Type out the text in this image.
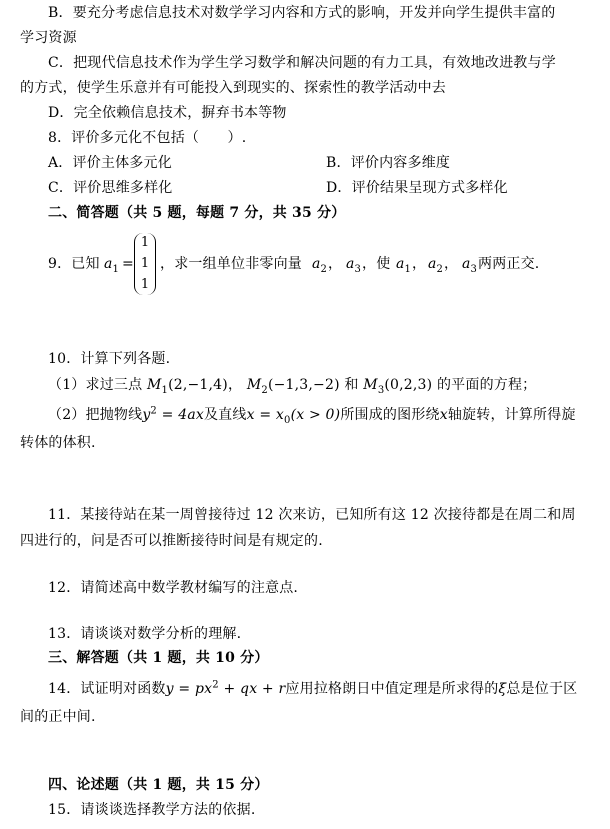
B．要充分考虑信息技术对数学学习内容和方式的影响，开发并向学生提供丰富的
学习资源
C．把现代信息技术作为学生学习数学和解决问题的有力工具，有效地改进教与学
的方式，使学生乐意并有可能投入到现实的、探索性的教学活动中去
D．完全依赖信息技术，摒弃书本等物
8．评价多元化不包括（　　）.
A．评价主体多元化	B．评价内容多维度
C．评价思维多样化	D．评价结果呈现方式多样化
二、简答题（共 5 题，每题 7 分，共 35 分）
9．已知 $a_1$ =
1
1
1
，求一组单位非零向量 $a_2$ ， $a_3$ ，使 $a_1$ ， $a_2$ ， $a_3$ 两两正交.
10．计算下列各题.
（1）求过三点 $M_1(2,-1,4)$， $M_2(-1,3,-2)$ 和 $M_3(0,2,3)$ 的平面的方程；
（2）把抛物线$y^2 = 4ax$及直线$x = x_0(x > 0)$所围成的图形绕x轴旋转，计算所得旋
转体的体积.
11．某接待站在某一周曾接待过 12 次来访，已知所有这 12 次接待都是在周二和周
四进行的，问是否可以推断接待时间是有规定的.
12．请简述高中数学教材编写的注意点.
13．请谈谈对数学分析的理解.
三、解答题（共 1 题，共 10 分）
14．试证明对函数$y = px^2$ + qx + r应用拉格朗日中值定理是所求得的ξ总是位于区
间的正中间.
四、论述题（共 1 题，共 15 分）
15．请谈谈选择教学方法的依据.
